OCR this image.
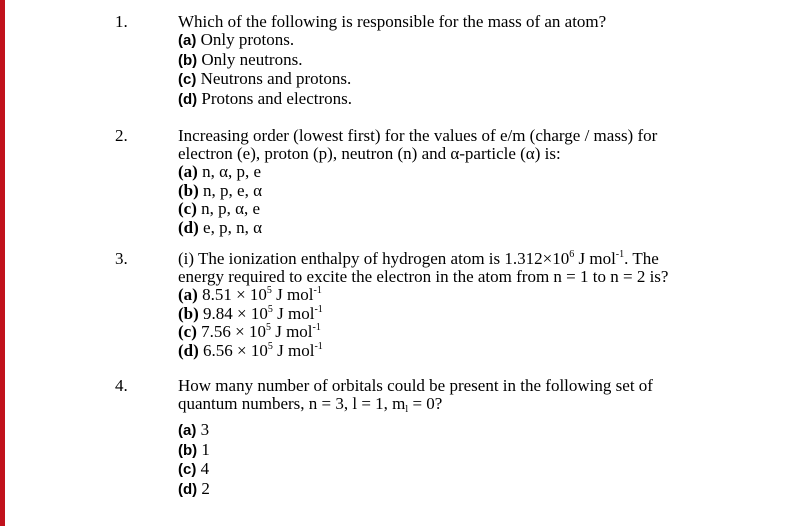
1.	Which of the following is responsible for the mass of an atom?
(a) Only protons.
(b) Only neutrons.
(c) Neutrons and protons.
(d) Protons and electrons.
2.	Increasing order (lowest first) for the values of e/m (charge / mass) for
electron (e), proton (p), neutron (n) and α-particle (α) is:
(a) n, α, p, e
(b) n, p, e, α
(c) n, p, α, e
(d) e, p, n, α
3.	(i) The ionization enthalpy of hydrogen atom is $1.312\times 10^6$ J mol$^{-1}$. The
energy required to excite the electron in the atom from n = 1 to n = 2 is?
(a) $8.51 \times 10^5$ J mol$^{-1}$
(b) $9.84 \times 10^5$ J mol$^{-1}$
(c) $7.56 \times 10^5$ J mol$^{-1}$
(d) $6.56 \times 10^5$ J mol$^{-1}$
4.	How many number of orbitals could be present in the following set of
quantum numbers, n = 3, l = 1, $m_l = 0$?
(a) 3
(b) 1
(c) 4
(d) 2
